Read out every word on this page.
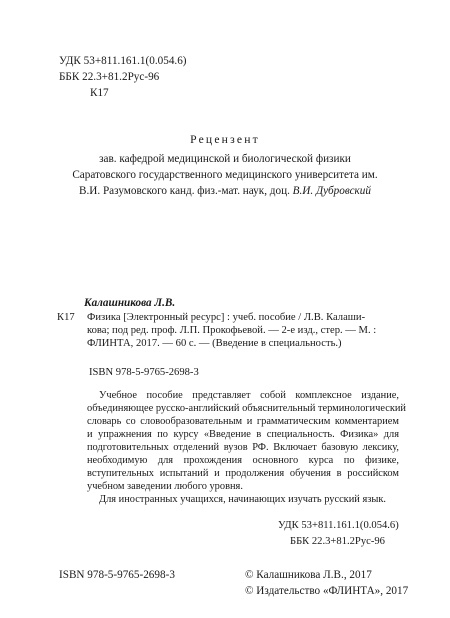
УДК 53+811.161.1(0.054.6)
ББК 22.3+81.2Рус-96
К17
Рецензент
зав. кафедрой медицинской и биологической физики
Саратовского государственного медицинского университета им.
В.И. Разумовского канд. физ.-мат. наук, доц. В.И. Дубровский
Калашникова Л.В.
К17 Физика [Электронный ресурс] : учеб. пособие / Л.В. Калаши-
кова; под ред. проф. Л.П. Прокофьевой. — 2-е изд., стер. — М. :
ФЛИНТА, 2017. — 60 с. — (Введение в специальность.)
ISBN 978-5-9765-2698-3
Учебное пособие представляет собой комплексное издание,
объединяющее русско-английский объяснительный терминологический
словарь со словообразовательным и грамматическим комментарием
и упражнения по курсу «Введение в специальность. Физика» для
подготовительных отделений вузов РФ. Включает базовую лексику,
необходимую для прохождения основного курса по физике,
вступительных испытаний и продолжения обучения в российском
учебном заведении любого уровня.
Для иностранных учащихся, начинающих изучать русский язык.
УДК 53+811.161.1(0.054.6)
ББК 22.3+81.2Рус-96
ISBN 978-5-9765-2698-3	© Калашникова Л.В., 2017
© Издательство «ФЛИНТА», 2017
